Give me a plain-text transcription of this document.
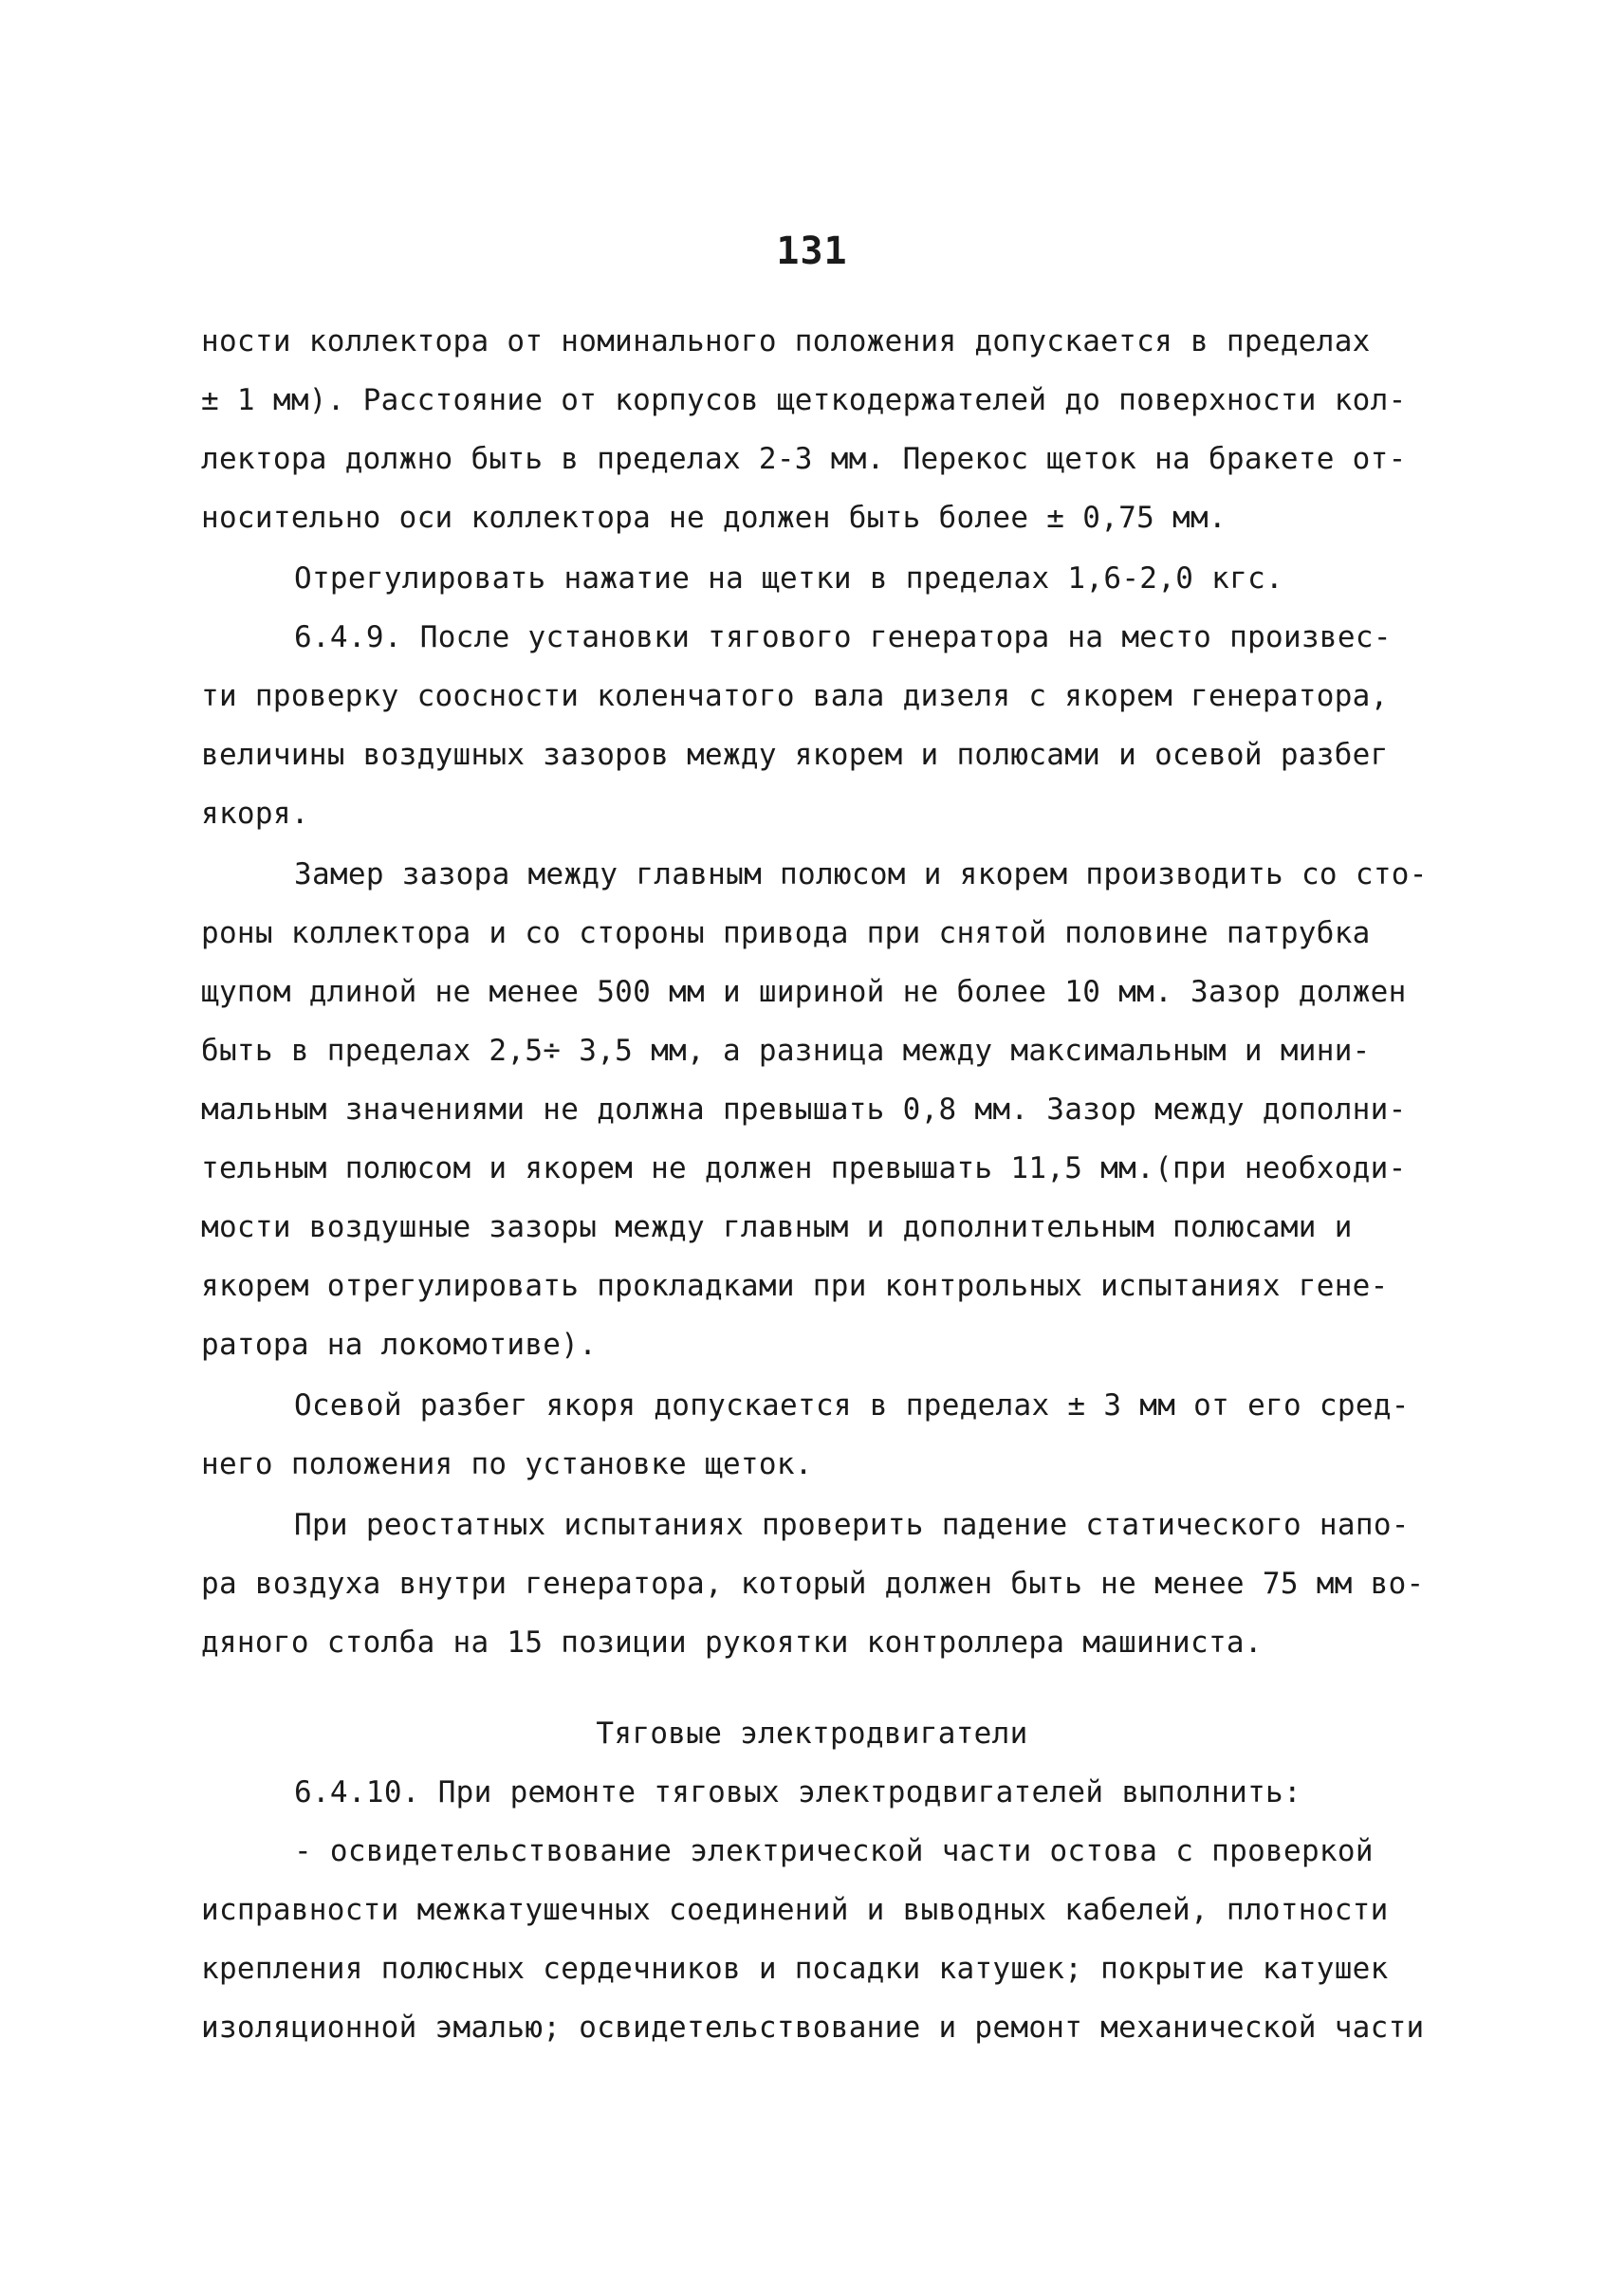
131
ности коллектора от номинального положения допускается в пределах
± 1 мм). Расстояние от корпусов щеткодержателей до поверхности кол-
лектора должно быть в пределах 2-3 мм. Перекос щеток на бракете от-
носительно оси коллектора не должен быть более ± 0,75 мм.
Отрегулировать нажатие на щетки в пределах 1,6-2,0 кгс.
6.4.9. После установки тягового генератора на место произвес-
ти проверку соосности коленчатого вала дизеля с якорем генератора,
величины воздушных зазоров между якорем и полюсами и осевой разбег
якоря.
Замер зазора между главным полюсом и якорем производить со сто-
роны коллектора и со стороны привода при снятой половине патрубка
щупом длиной не менее 500 мм и шириной не более 10 мм. Зазор должен
быть в пределах 2,5÷ 3,5 мм, а разница между максимальным и мини-
мальным значениями не должна превышать 0,8 мм. Зазор между дополни-
тельным полюсом и якорем не должен превышать 11,5 мм.(при необходи-
мости воздушные зазоры между главным и дополнительным полюсами и
якорем отрегулировать прокладками при контрольных испытаниях гене-
ратора на локомотиве).
Осевой разбег якоря допускается в пределах ± 3 мм от его сред-
него положения по установке щеток.
При реостатных испытаниях проверить падение статического напо-
ра воздуха внутри генератора, который должен быть не менее 75 мм во-
дяного столба на 15 позиции рукоятки контроллера машиниста.
Тяговые электродвигатели
6.4.10. При ремонте тяговых электродвигателей выполнить:
- освидетельствование электрической части остова с проверкой
исправности межкатушечных соединений и выводных кабелей, плотности
крепления полюсных сердечников и посадки катушек; покрытие катушек
изоляционной эмалью; освидетельствование и ремонт механической части
